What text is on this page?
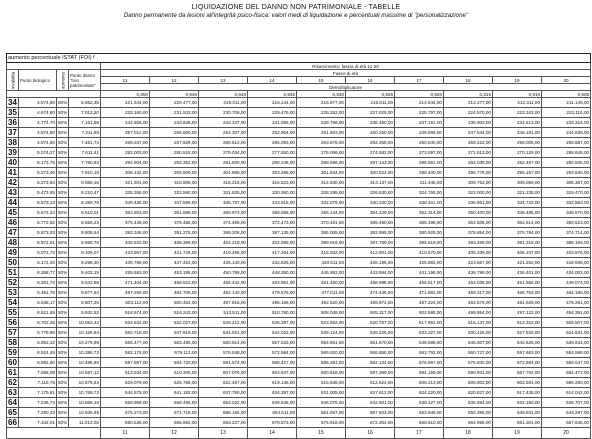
LIQUIDAZIONE DEL DANNO NON PATRIMONIALE - TABELLE
Danno permanente da lesioni all'integrità psico-fisica: valori medi di liquidazione e percentuali massime di "personalizzazione"
aumento percentuale ISTAT (FOI) f													
				Risarcimento: fascia di età 11-20									
invalidità	Punto biologico	aumento	Punto danno "non patrimoniale"	Fasce di età									
				11	12	13	14	15	16	17	18	19	20
				Demoltiplicatore									
				0,950	0,945	0,940	0,935	0,930	0,925	0,920	0,915	0,910	0,905
34	4.574,90	50%	6.862,35	221.644,00	220.477,00	219.311,00	218.144,00	216.977,00	215.811,00	214.644,00	213.477,00	212.311,00	211.145,00
35	4.674,80	50%	7.012,20	233.160,00	231.933,00	230.706,00	229.479,00	228.252,00	227.025,00	225.797,00	224.570,00	223.343,00	222.116,00
36	4.774,70	50%	7.161,58	244.926,00	243.636,00	242.347,00	241.058,00	239.768,00	238.480,00	237.191,00	235.902,00	234.613,00	233.324,00
37	4.874,60	50%	7.311,88	257.012,00	255.660,00	254.307,00	252.954,00	251.603,00	250.250,00	248.896,00	247.544,00	246.191,00	244.838,00
38	4.974,50	50%	7.461,74	269.347,00	267.929,00	266.512,00	265.093,00	263.675,00	262.258,00	260.840,00	259.422,00	258.005,00	256.587,00
39	5.074,27	50%	7.611,41	282.003,00	280.518,00	279.034,00	277.550,00	276.066,00	274.582,00	273.097,00	271.613,00	270.129,00	268.645,00
40	5.173,75	50%	7.760,63	294.904,00	293.352,00	291.800,00	290.248,00	288.696,00	287.143,00	285.591,00	284.039,00	282.487,00	280.935,00
41	5.273,46	50%	7.910,19	308.132,00	306.509,00	304.888,00	303.266,00	301.644,00	300.022,00	298.400,00	296.778,00	295.157,00	293.535,00
42	5.373,84	50%	8.060,16	321.601,00	319.908,00	318.215,00	316.523,00	314.830,00	313.137,00	311.445,00	309.752,00	308.059,00	306.367,00
43	5.473,65	50%	8.210,47	335.355,00	333.590,00	331.825,00	330.060,00	328.295,00	326.530,00	324.765,00	323.000,00	321.235,00	319.470,00
44	5.573,13	50%	8.359,70	349.435,00	347.596,00	345.757,00	343.918,00	342.079,00	340.240,00	338.401,00	336.561,00	334.722,00	332.883,00
45	5.673,34	50%	8.510,01	363.803,00	361.888,00	359.973,00	358.058,00	356.144,00	354.229,00	352.314,00	350.400,00	348.485,00	346.570,00
46	5.772,82	50%	8.659,23	378.448,00	376.456,00	374.465,00	372.473,00	370.481,00	368.490,00	366.498,00	364.506,00	362.514,00	360.523,00
47	5.873,03	50%	8.809,54	393.346,00	391.276,00	389.206,00	387.135,00	385.065,00	382.995,00	380.925,00	378.854,00	376.784,00	374.714,00
48	5.972,51	50%	8.958,76	408.520,00	406.369,00	404.219,00	402.069,00	399.919,00	397.769,00	395.619,00	393.469,00	391.319,00	389.169,00
49	6.072,72	50%	9.109,07	423.957,00	421.726,00	419.495,00	417.264,00	415.032,00	412.801,00	410.570,00	408.339,00	406.107,00	403.876,00
50	6.172,20	50%	9.258,30	439.769,00	437.454,00	435.140,00	432.825,00	430.511,00	428.196,00	425.882,00	423.567,00	421.252,00	418.938,00
51	6.268,77	50%	9.403,15	455.583,00	453.185,00	450.788,00	448.390,00	445.992,00	443.594,00	441.196,00	438.799,00	436.401,00	434.003,00
52	6.361,72	50%	9.542,58	471.404,00	468.923,00	466.442,00	463.961,00	461.480,00	458.998,00	456.517,00	454.036,00	451.555,00	449.074,00
53	6.451,76	50%	9.677,64	487.269,00	484.705,00	482.140,00	479.576,00	477.011,00	474.446,00	471.882,00	469.317,00	466.753,00	464.188,00
54	6.538,17	50%	9.807,26	503.112,00	500.464,00	497.816,00	495.168,00	492.520,00	489.872,00	487.224,00	484.576,00	481.928,00	479.281,00
55	6.621,68	50%	9.932,52	518.974,00	516.243,00	513.511,00	510.780,00	508.048,00	505.317,00	502.585,00	499.854,00	497.122,00	494.391,00
56	6.702,28	50%	10.053,42	534.842,00	532.027,00	529.212,00	526.397,00	523.582,00	520.767,00	517.952,00	515.137,00	512.322,00	509.507,00
57	6.779,96	50%	10.169,94	550.718,00	547.819,00	544.921,00	542.022,00	539.124,00	536.225,00	533.327,00	530.428,00	527.530,00	524.631,00
58	6.853,32	50%	10.279,98	566.477,00	563.496,00	560.514,00	557.533,00	554.551,00	551.570,00	548.588,00	545.607,00	542.625,00	539.644,00
59	6.924,48	50%	10.386,72	582.176,00	579.112,00	576.048,00	572.984,00	569.920,00	566.856,00	563.792,00	560.727,00	557.663,00	554.599,00
60	6.992,60	50%	10.488,90	597.867,00	594.720,00	591.574,00	588.427,00	585.281,00	582.134,00	578.987,00	575.840,00	572.694,00	569.547,00
61	7.058,08	50%	10.587,12	613.534,00	610.305,00	607.076,00	603.847,00	600.618,00	597.389,00	594.159,00	590.931,00	587.702,00	584.472,00
62	7.119,76	50%	10.679,64	629.079,00	625.768,00	622.457,00	619.146,00	615.835,00	612.524,00	609.213,00	605.902,00	602.591,00	599.280,00
63	7.179,81	50%	10.769,72	644.575,00	641.182,00	637.790,00	634.397,00	631.005,00	627.612,00	624.220,00	620.827,00	617.435,00	614.042,00
64	7.236,73	50%	10.855,10	659.969,00	656.496,00	653.022,00	649.548,00	646.075,00	642.601,00	639.127,00	635.654,00	632.180,00	628.707,00
65	7.290,43	50%	10.935,65	675.273,00	671.719,00	668.165,00	664.611,00	661.057,00	657.503,00	653.949,00	650.395,00	646.841,00	643.287,00
66	7.342,01	50%	11.013,02	690.536,00	686.882,00	683.227,00	679.573,00	675.918,00	672.264,00	668.610,00	664.955,00	661.301,00	657.646,00
				11	12	13	14	15	16	17	18	19	20
